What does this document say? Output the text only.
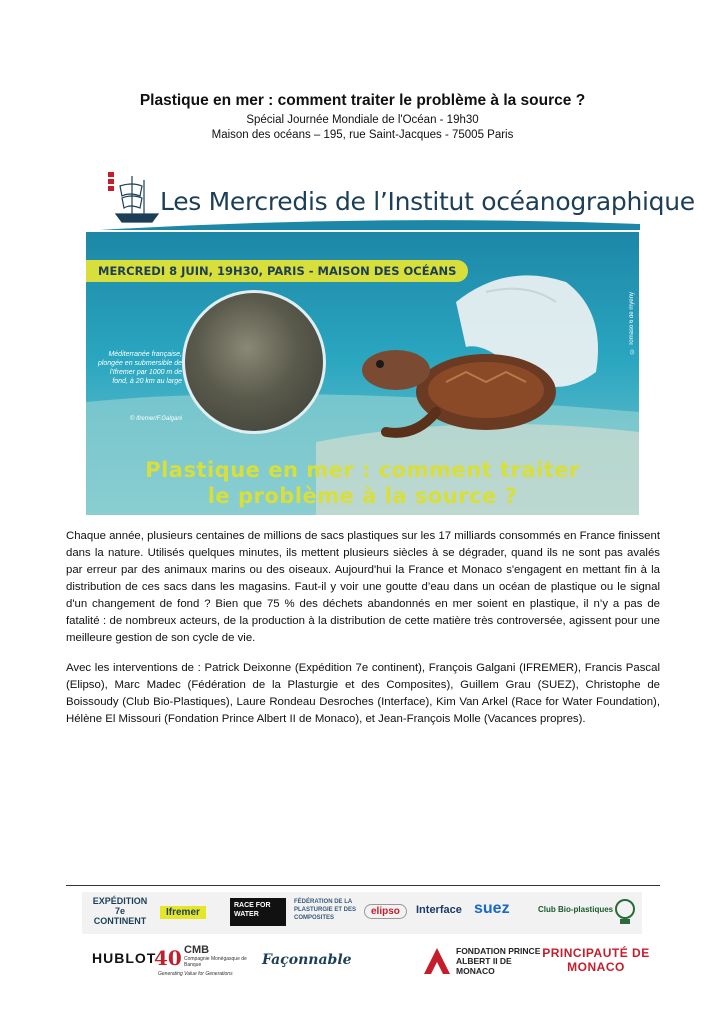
Plastique en mer : comment traiter le problème à la source ?

Spécial Journée Mondiale de l'Océan - 19h30

Maison des océans – 195, rue Saint-Jacques - 75005 Paris

Les Mercredis de l’Institut océanographique
MERCREDI 8 JUIN, 19H30, PARIS - MAISON DES OCÉANS
Méditerranée française, plongée en submersible de l'Ifremer par 1000 m de fond, à 20 km au large
© Ifremer/F.Galgani
© Tomaso 6 de myeny
Plastique en mer : comment traiter
le problème à la source ?

Chaque année, plusieurs centaines de millions de sacs plastiques sur les 17 milliards consommés en France finissent dans la nature. Utilisés quelques minutes, ils mettent plusieurs siècles à se dégrader, quand ils ne sont pas avalés par erreur par des animaux marins ou des oiseaux. Aujourd'hui la France et Monaco s'engagent en mettant fin à la distribution de ces sacs dans les magasins. Faut-il y voir une goutte d’eau dans un océan de plastique ou le signal d'un changement de fond ? Bien que 75 % des déchets abandonnés en mer soient en plastique, il n’y a pas de fatalité : de nombreux acteurs, de la production à la distribution de cette matière très controversée, agissent pour une meilleure gestion de son cycle de vie.

Avec les interventions de : Patrick Deixonne (Expédition 7e continent), François Galgani (IFREMER), Francis Pascal (Elipso), Marc Madec (Fédération de la Plasturgie et des Composites), Guillem Grau (SUEZ), Christophe de Boissoudy (Club Bio-Plastiques), Laure Rondeau Desroches (Interface), Kim Van Arkel (Race for Water Foundation), Hélène El Missouri (Fondation Prince Albert II de Monaco), et Jean-François Molle (Vacances propres).

EXPÉDITION 7e CONTINENT
Ifremer
RACE FOR WATER
FÉDÉRATION DE LA PLASTURGIE ET DES COMPOSITES
elipso	Interface suez	Club Bio-plastiques
HUBLOT
40 CMB
Compagnie Monégasque de Banque
Generating Value for Generations
Façonnable
FONDATION PRINCE ALBERT II DE MONACO
PRINCIPAUTÉ DE MONACO
